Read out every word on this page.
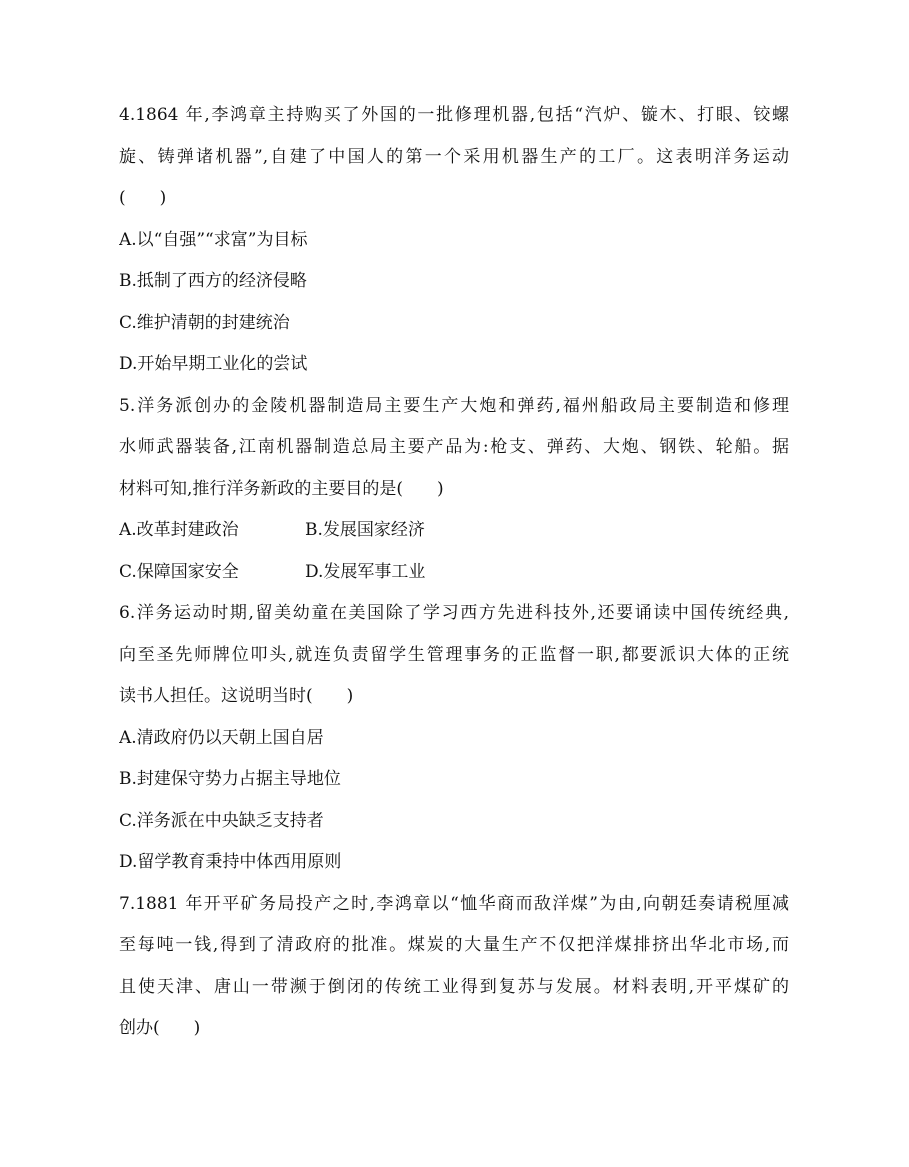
4.1864 年,李鸿章主持购买了外国的一批修理机器,包括“汽炉、镟木、打眼、铰螺
旋、铸弹诸机器”,自建了中国人的第一个采用机器生产的工厂。这表明洋务运动
(　　)
A.以“自强”“求富”为目标
B.抵制了西方的经济侵略
C.维护清朝的封建统治
D.开始早期工业化的尝试
5.洋务派创办的金陵机器制造局主要生产大炮和弹药,福州船政局主要制造和修理
水师武器装备,江南机器制造总局主要产品为:枪支、弹药、大炮、钢铁、轮船。据
材料可知,推行洋务新政的主要目的是(　　)
A.改革封建政治	B.发展国家经济
C.保障国家安全	D.发展军事工业
6.洋务运动时期,留美幼童在美国除了学习西方先进科技外,还要诵读中国传统经典,
向至圣先师牌位叩头,就连负责留学生管理事务的正监督一职,都要派识大体的正统
读书人担任。这说明当时(　　)
A.清政府仍以天朝上国自居
B.封建保守势力占据主导地位
C.洋务派在中央缺乏支持者
D.留学教育秉持中体西用原则
7.1881 年开平矿务局投产之时,李鸿章以“恤华商而敌洋煤”为由,向朝廷奏请税厘减
至每吨一钱,得到了清政府的批准。煤炭的大量生产不仅把洋煤排挤出华北市场,而
且使天津、唐山一带濒于倒闭的传统工业得到复苏与发展。材料表明,开平煤矿的
创办(　　)
